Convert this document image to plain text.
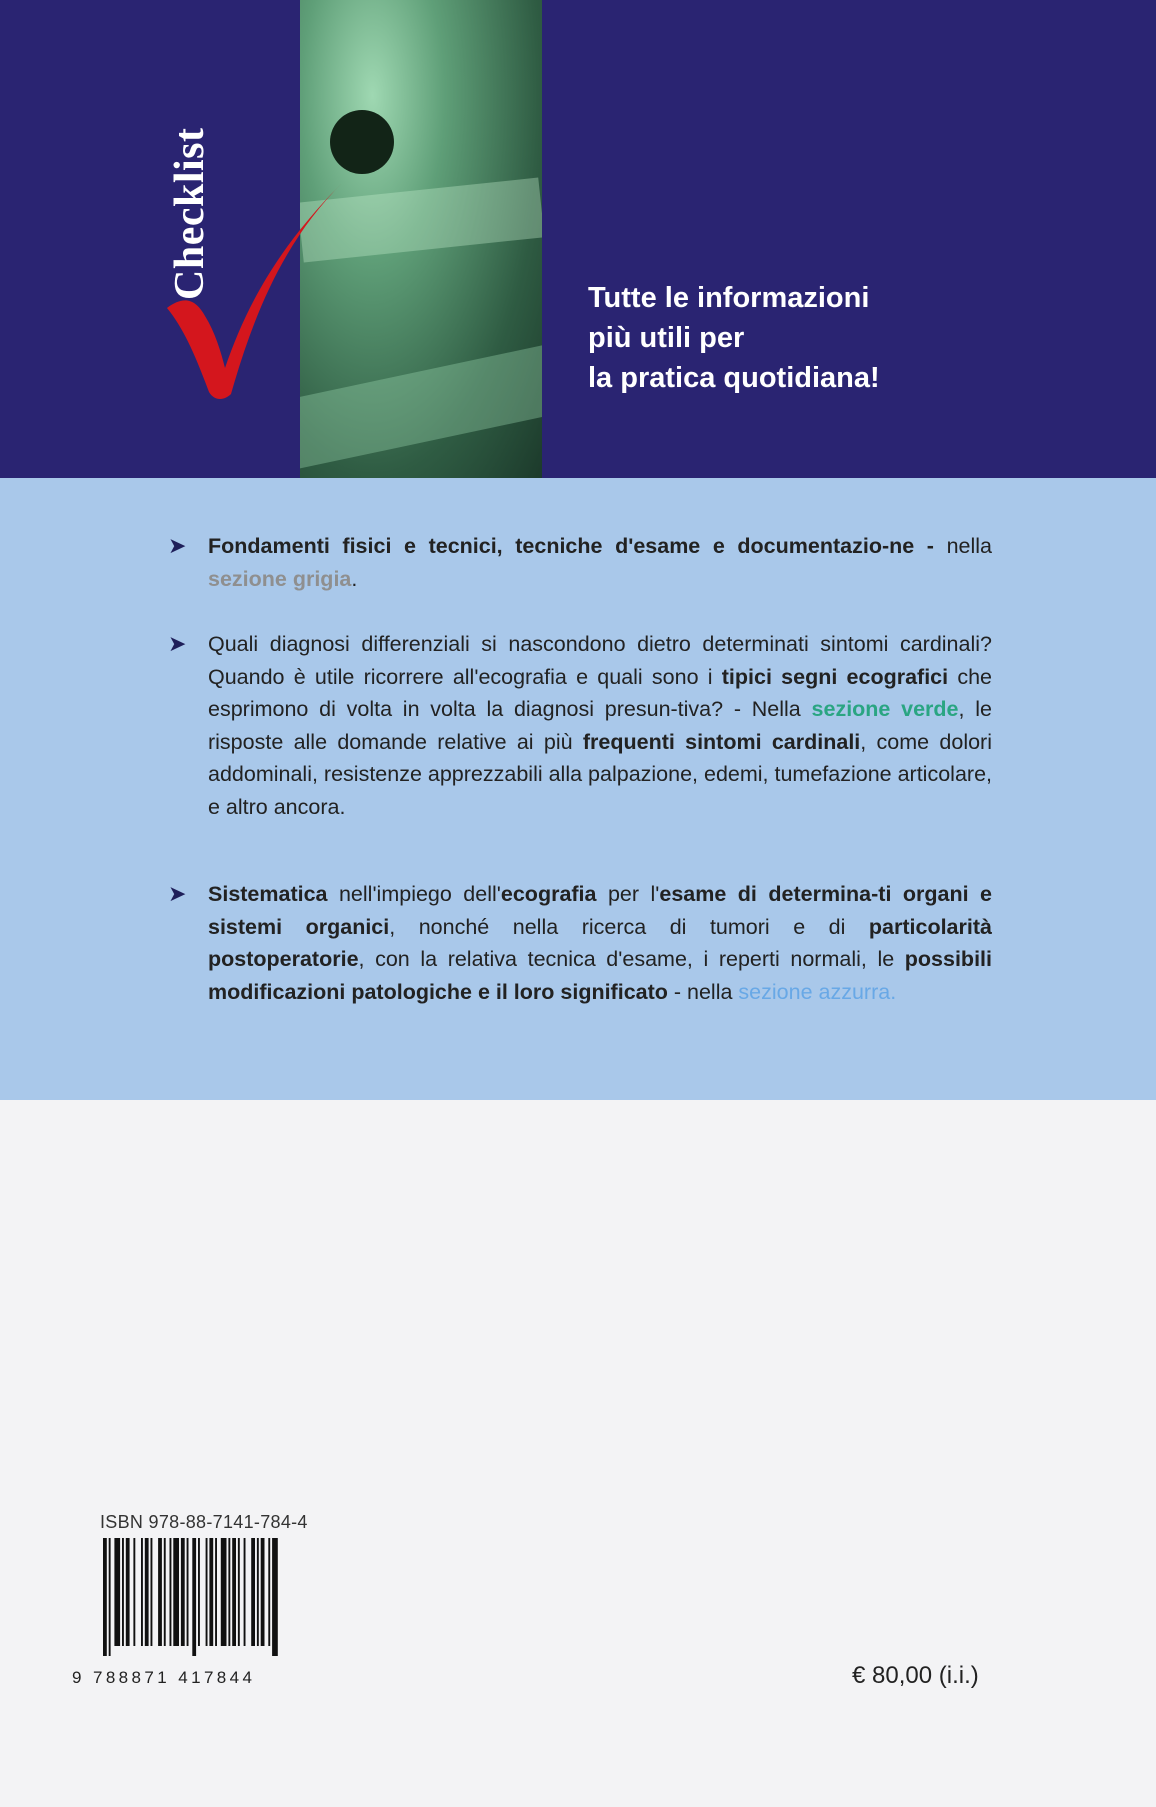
Checklist	Tutte le informazioni
più utili per
la pratica quotidiana!
➤ Fondamenti fisici e tecnici, tecniche d'esame e documentazio-ne - nella sezione grigia.
➤ Quali diagnosi differenziali si nascondono dietro determinati sintomi cardinali? Quando è utile ricorrere all'ecografia e quali sono i tipici segni ecografici che esprimono di volta in volta la diagnosi presun-tiva? - Nella sezione verde, le risposte alle domande relative ai più frequenti sintomi cardinali, come dolori addominali, resistenze apprezzabili alla palpazione, edemi, tumefazione articolare, e altro ancora.
➤ Sistematica nell'impiego dell'ecografia per l'esame di determina-ti organi e sistemi organici, nonché nella ricerca di tumori e di particolarità postoperatorie, con la relativa tecnica d'esame, i reperti normali, le possibili modificazioni patologiche e il loro significato - nella sezione azzurra.
ISBN 978-88-7141-784-4
9 788871 417844	€ 80,00 (i.i.)
